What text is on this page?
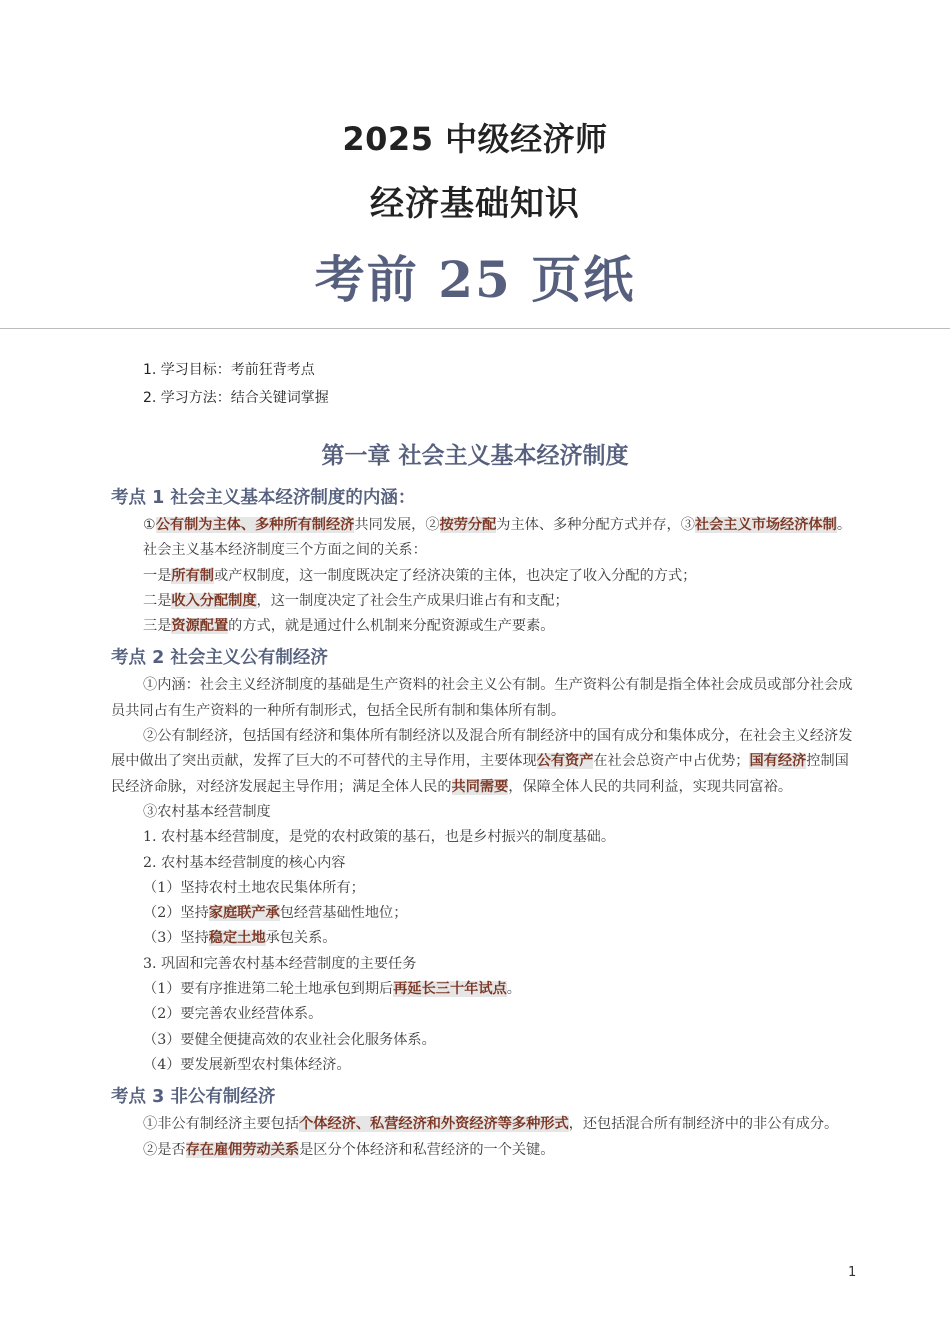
2025 中级经济师
经济基础知识
考前 25 页纸
1. 学习目标：考前狂背考点
2. 学习方法：结合关键词掌握
第一章 社会主义基本经济制度
考点 1 社会主义基本经济制度的内涵：

①公有制为主体、多种所有制经济共同发展，②按劳分配为主体、多种分配方式并存，③社会主义市场经济体制。

社会主义基本经济制度三个方面之间的关系：

一是所有制或产权制度，这一制度既决定了经济决策的主体，也决定了收入分配的方式；

二是收入分配制度，这一制度决定了社会生产成果归谁占有和支配；

三是资源配置的方式，就是通过什么机制来分配资源或生产要素。

考点 2 社会主义公有制经济

①内涵：社会主义经济制度的基础是生产资料的社会主义公有制。生产资料公有制是指全体社会成员或部分社会成员共同占有生产资料的一种所有制形式，包括全民所有制和集体所有制。

②公有制经济，包括国有经济和集体所有制经济以及混合所有制经济中的国有成分和集体成分，在社会主义经济发展中做出了突出贡献，发挥了巨大的不可替代的主导作用，主要体现公有资产在社会总资产中占优势；国有经济控制国民经济命脉，对经济发展起主导作用；满足全体人民的共同需要，保障全体人民的共同利益，实现共同富裕。

③农村基本经营制度

1. 农村基本经营制度，是党的农村政策的基石，也是乡村振兴的制度基础。

2. 农村基本经营制度的核心内容

（1）坚持农村土地农民集体所有；

（2）坚持家庭联产承包经营基础性地位；

（3）坚持稳定土地承包关系。

3. 巩固和完善农村基本经营制度的主要任务

（1）要有序推进第二轮土地承包到期后再延长三十年试点。

（2）要完善农业经营体系。

（3）要健全便捷高效的农业社会化服务体系。

（4）要发展新型农村集体经济。

考点 3 非公有制经济

①非公有制经济主要包括个体经济、私营经济和外资经济等多种形式，还包括混合所有制经济中的非公有成分。

②是否存在雇佣劳动关系是区分个体经济和私营经济的一个关键。

1
